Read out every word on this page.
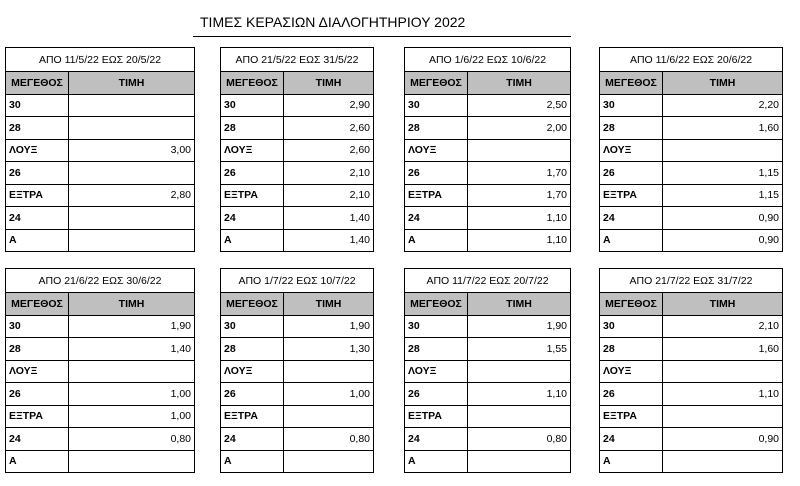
ΤΙΜΕΣ ΚΕΡΑΣΙΩΝ ΔΙΑΛΟΓΗΤΗΡΙΟΥ 2022
ΑΠΟ 11/5/22 ΕΩΣ 20/5/22	
ΜΕΓΕΘΟΣ	ΤΙΜΗ
30	
28	
ΛΟΥΞ	3,00
26	
ΕΞΤΡΑ	2,80
24	
Α	
ΑΠΟ 21/5/22 ΕΩΣ 31/5/22	
ΜΕΓΕΘΟΣ	ΤΙΜΗ
30	2,90
28	2,60
ΛΟΥΞ	2,60
26	2,10
ΕΞΤΡΑ	2,10
24	1,40
Α	1,40
ΑΠΟ 1/6/22 ΕΩΣ 10/6/22	
ΜΕΓΕΘΟΣ	ΤΙΜΗ
30	2,50
28	2,00
ΛΟΥΞ	
26	1,70
ΕΞΤΡΑ	1,70
24	1,10
Α	1,10
ΑΠΟ 11/6/22 ΕΩΣ 20/6/22	
ΜΕΓΕΘΟΣ	ΤΙΜΗ
30	2,20
28	1,60
ΛΟΥΞ	
26	1,15
ΕΞΤΡΑ	1,15
24	0,90
Α	0,90
ΑΠΟ 21/6/22 ΕΩΣ 30/6/22	
ΜΕΓΕΘΟΣ	ΤΙΜΗ
30	1,90
28	1,40
ΛΟΥΞ	
26	1,00
ΕΞΤΡΑ	1,00
24	0,80
Α	
ΑΠΟ 1/7/22 ΕΩΣ 10/7/22	
ΜΕΓΕΘΟΣ	ΤΙΜΗ
30	1,90
28	1,30
ΛΟΥΞ	
26	1,00
ΕΞΤΡΑ	
24	0,80
Α	
ΑΠΟ 11/7/22 ΕΩΣ 20/7/22	
ΜΕΓΕΘΟΣ	ΤΙΜΗ
30	1,90
28	1,55
ΛΟΥΞ	
26	1,10
ΕΞΤΡΑ	
24	0,80
Α	
ΑΠΟ 21/7/22 ΕΩΣ 31/7/22	
ΜΕΓΕΘΟΣ	ΤΙΜΗ
30	2,10
28	1,60
ΛΟΥΞ	
26	1,10
ΕΞΤΡΑ	
24	0,90
Α	
